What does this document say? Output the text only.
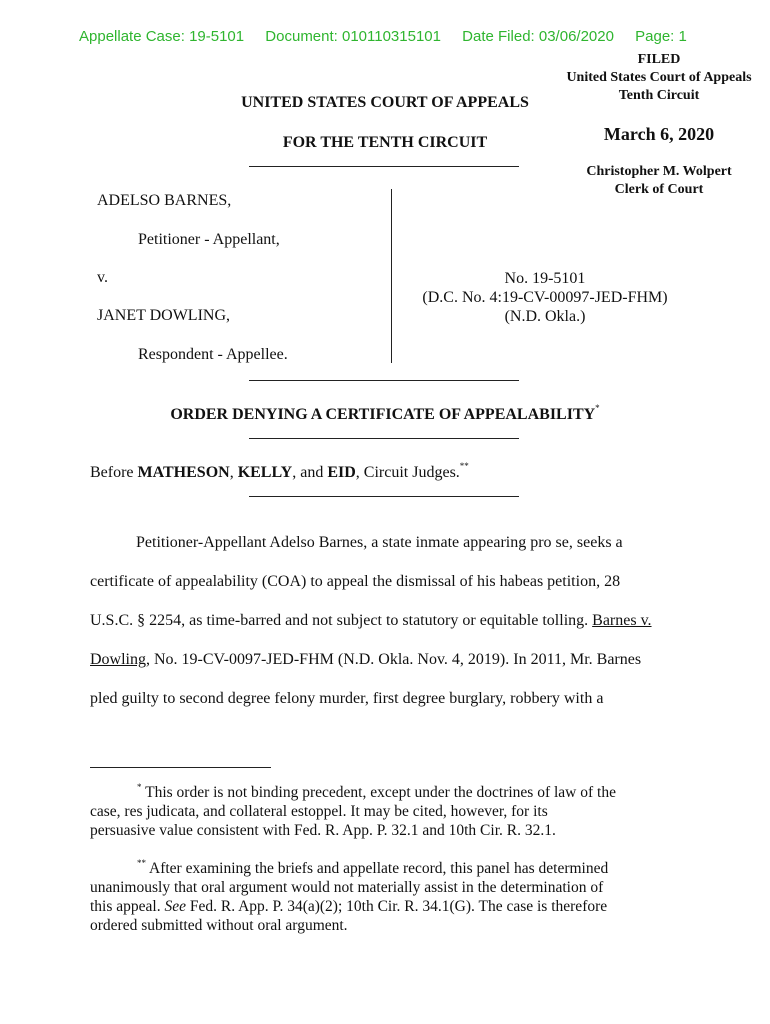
Appellate Case: 19-5101 Document: 010110315101 Date Filed: 03/06/2020 Page: 1
FILED
United States Court of Appeals
Tenth Circuit
March 6, 2020
Christopher M. Wolpert
Clerk of Court
UNITED STATES COURT OF APPEALS
FOR THE TENTH CIRCUIT
ADELSO BARNES,
Petitioner - Appellant,
v.
JANET DOWLING,
Respondent - Appellee.
No. 19-5101
(D.C. No. 4:19-CV-00097-JED-FHM)
(N.D. Okla.)
ORDER DENYING A CERTIFICATE OF APPEALABILITY*
Before MATHESON, KELLY, and EID, Circuit Judges.**
Petitioner-Appellant Adelso Barnes, a state inmate appearing pro se, seeks a
certificate of appealability (COA) to appeal the dismissal of his habeas petition, 28
U.S.C. § 2254, as time-barred and not subject to statutory or equitable tolling. Barnes v.
Dowling, No. 19-CV-0097-JED-FHM (N.D. Okla. Nov. 4, 2019). In 2011, Mr. Barnes
pled guilty to second degree felony murder, first degree burglary, robbery with a
* This order is not binding precedent, except under the doctrines of law of the
case, res judicata, and collateral estoppel. It may be cited, however, for its
persuasive value consistent with Fed. R. App. P. 32.1 and 10th Cir. R. 32.1.
** After examining the briefs and appellate record, this panel has determined
unanimously that oral argument would not materially assist in the determination of
this appeal. See Fed. R. App. P. 34(a)(2); 10th Cir. R. 34.1(G). The case is therefore
ordered submitted without oral argument.
